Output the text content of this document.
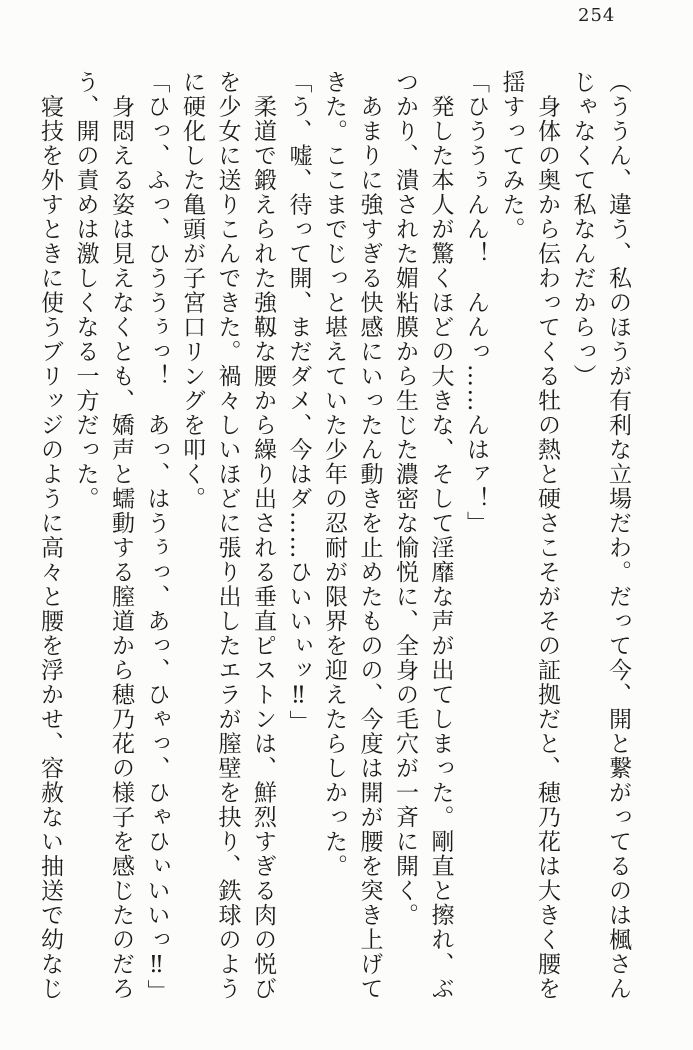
254
（ううん、違う、私のほうが有利な立場だわ。だって今、開と繋がってるのは楓さん
じゃなくて私なんだからっ）
　身体の奥から伝わってくる牡の熱と硬さこそがその証拠だと、穂乃花は大きく腰を
揺すってみた。
「ひううぅんん！　んんっ……んはァ！」
　発した本人が驚くほどの大きな、そして淫靡な声が出てしまった。剛直と擦れ、ぶ
つかり、潰された媚粘膜から生じた濃密な愉悦に、全身の毛穴が一斉に開く。
　あまりに強すぎる快感にいったん動きを止めたものの、今度は開が腰を突き上げて
きた。ここまでじっと堪えていた少年の忍耐が限界を迎えたらしかった。
「う、嘘、待って開、まだダメ、今はダ……ひいいぃッ‼」
　柔道で鍛えられた強靱な腰から繰り出される垂直ピストンは、鮮烈すぎる肉の悦び
を少女に送りこんできた。禍々しいほどに張り出したエラが膣壁を抉り、鉄球のよう
に硬化した亀頭が子宮口リングを叩く。
「ひっ、ふっ、ひううぅっ！　あっ、はうぅっ、あっ、ひゃっ、ひゃひぃいいっ‼」
　身悶える姿は見えなくとも、嬌声と蠕動する膣道から穂乃花の様子を感じたのだろ
う、開の責めは激しくなる一方だった。
　寝技を外すときに使うブリッジのように高々と腰を浮かせ、容赦ない抽送で幼なじ
